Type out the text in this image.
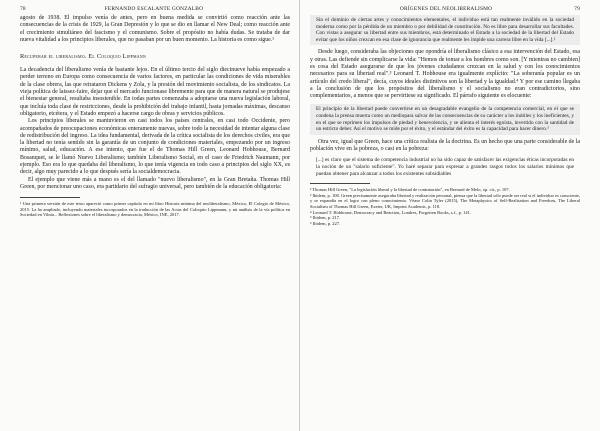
78	FERNANDO ESCALANTE GONZALBO

agosto de 1938. El impulso venía de antes, pero en buena medida se convirtió como reacción ante las consecuencias de la crisis de 1929, la Gran Depresión y lo que se dio en llamar el New Deal; como reacción ante el crecimiento simultáneo del fascismo y el comunismo. Sobre el propósito no había dudas. Se trataba de dar nueva vitalidad a los principios liberales, que no pasaban por un buen momento. La historia es como sigue.¹

Recuperar el liberalismo. El Coloquio Lippmann

La decadencia del liberalismo venía de bastante lejos. En el último tercio del siglo diecinueve había empezado a perder terreno en Europa como consecuencia de varios factores, en particular las condiciones de vida miserables de la clase obrera, las que retrataron Dickens y Zola, y la presión del movimiento socialista, de los sindicatos. La vieja política de laissez-faire, dejar que el mercado funcionase libremente para que de manera natural se produjese el bienestar general, resultaba insostenible. En todas partes comenzaba a adoptarse una nueva legislación laboral, que incluía toda clase de restricciones, desde la prohibición del trabajo infantil, hasta jornadas máximas, descanso obligatorio, etcétera, y el Estado empezó a hacerse cargo de obras y servicios públicos.

Los principios liberales se mantuvieron en casi todos los países centrales, en casi todo Occidente, pero acompañados de preocupaciones económicas enteramente nuevas, sobre todo la necesidad de intentar alguna clase de redistribución del ingreso. La idea fundamental, derivada de la crítica socialista de los derechos civiles, era que la libertad no tenía sentido sin la garantía de un conjunto de condiciones materiales, empezando por un ingreso mínimo, salud, educación. A ese intento, que fue el de Thomas Hill Green, Leonard Hobhouse, Bernard Bosanquet, se le llamó Nuevo Liberalismo; también Liberalismo Social, en el caso de Friedrich Naumann, por ejemplo. Eso era lo que quedaba del liberalismo, lo que tenía vigencia en todo caso a principios del siglo XX, es decir, algo muy parecido a lo que después sería la socialdemocracia.

El ejemplo que viene más a mano es el del llamado "nuevo liberalismo", en la Gran Bretaña. Thomas Hill Green, por mencionar uno caso, era partidario del sufragio universal, pero también de la educación obligatoria:

¹ Una primera versión de este texto apareció como primer capítulo en mi libro Historia mínima del neoliberalismo, México, El Colegio de México, 2015. La ha ampliado, incluyendo materiales incorporados en la traducción de las Actas del Coloquio Lippmann, y mi análisis de la vía política en Sociedad en Vilnia... Reflexiones sobre el liberalismo y democracia, México, INE, 2017.

ORÍGENES DEL NEOLIBERALISMO	79

Sin el dominio de ciertas artes y conocimientos elementales, el individuo está tan realmente inválido en la sociedad moderna como por la pérdida de un miembro o por debilidad de constitución. No es libre para desarrollar sus facultades. Con vistas a asegurar su libertad entre sus miembros, está determinado el Estado a la sociedad de la libertad del Estado evitar que los niños crezcan en esa clase de ignorancia que realmente les impide una carrera libre en la vida [...].²

Desde luego, consideraba las objeciones que opondría el liberalismo clásico a esa intervención del Estado, esa y otras. Las defiende sin complicarse la vida: "Hemos de tomar a los hombres como son. [Y mientras no cambien] es cosa del Estado asegurarse de que los jóvenes ciudadanos crezcan en la salud y con los conocimientos necesarios para su libertad real".³ Leonard T. Hobhouse era igualmente explícito: "La soberanía popular es un artículo del credo liberal", decía, cuyos ideales distintivos son la libertad y la igualdad.⁴ Y por ese camino llegaba a la conclusión de que los propósitos del liberalismo y el socialismo no eran contradictorios, sino complementarios, a menos que se pervirtiese su significado. El párrafo siguiente es elocuente:

El principio de la libertad puede convertirse en un desagradable evangelio de la competencia comercial, en el que se condena la prensa muerta como un mediopara salvar de las consecuencias de su carácter a los inútiles y los ineficientes, y en el que se reprimen los impulsos de piedad y benevolencia, y se alienta el interés egoísta, invertido con la santidad de un estricto deber. Así el motivo se mide por el éxito, y el estándar del éxito es la capacidad para hacer dinero.⁵

Otra vez, igual que Green, hace una crítica realista de la doctrina. Es un hecho que una parte considerable de la población vive en la pobreza, o casi en la pobreza:

[...] es claro que el sistema de competencia industrial no ha sido capaz de satisfacer las exigencias éticas incorporadas en la noción de un "salario suficiente". Yo haré separar para expresar a grandes rasgos todos los salarios mínimos que puedan obtener para alcanzar a todos los existentes subsidiables

² Thomas Hill Green, "La legislación liberal y la libertad de contratación", en Bernard de Melo, op. cit., p. 107.

³ Ibidem, p. 108. Green precisamente aseguraba libertad y realización personal, piensa que la libertad sólo puede ser real si el individuo es consciente, y se expandía en el logro con pleno conocimiento. Véase Colin Tyler (2015), The Metaphysics of Self-Realisation and Freedom, The Liberal Socialism of Thomas Hill Green, Exeter, UK, Imprint Academic, p. 118.

⁴ Leonard T. Hobhouse, Democracy and Reaction, Londres, Forgotten Books, s.f., p. 141.

⁵ Ibidem, p. 217.

⁶ Ibidem, p. 227.
